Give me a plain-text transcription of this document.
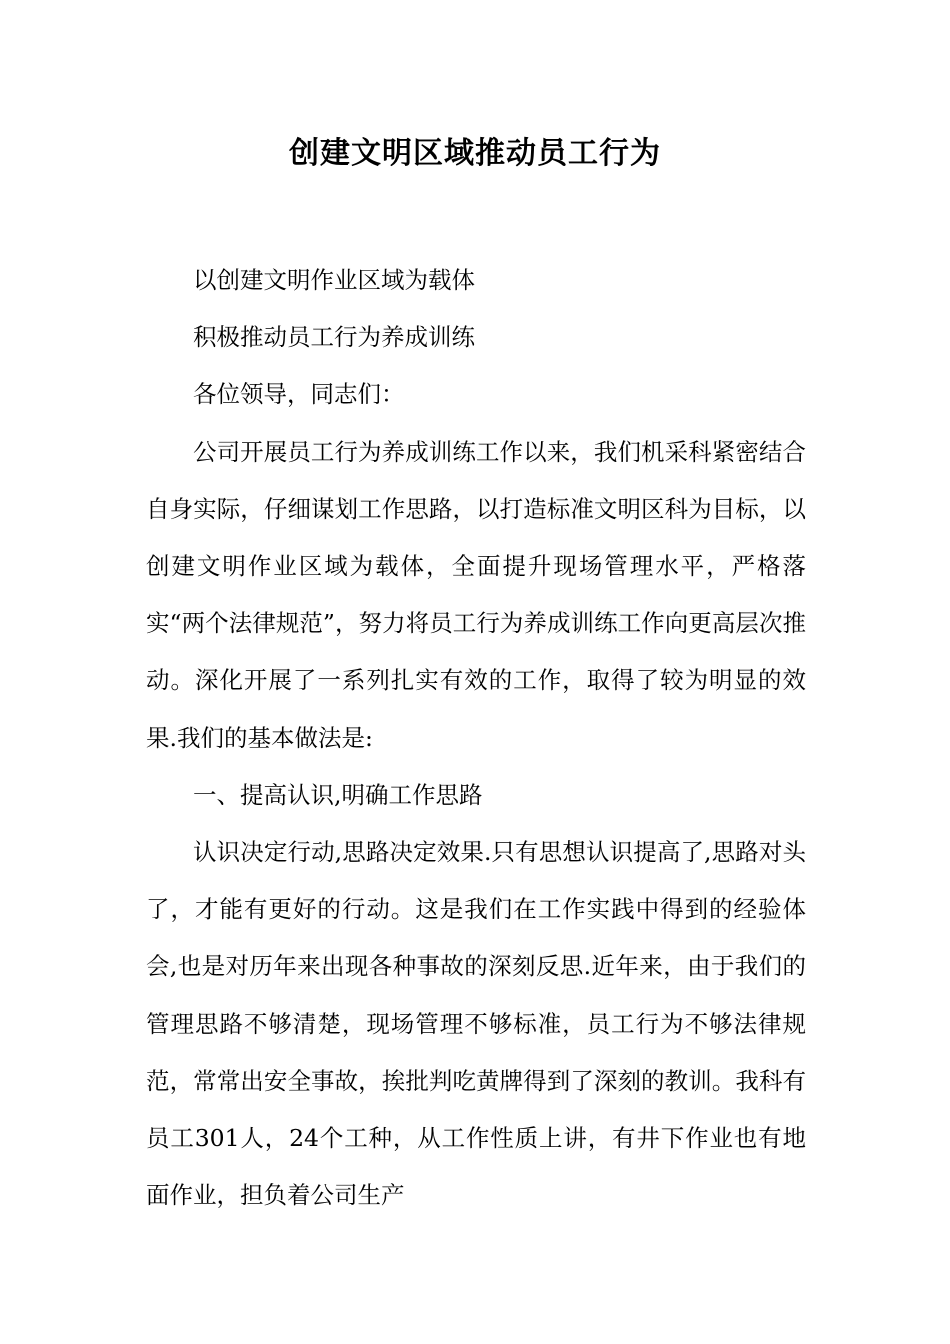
创建文明区域推动员工行为

以创建文明作业区域为载体

积极推动员工行为养成训练

各位领导，同志们：

公司开展员工行为养成训练工作以来，我们机采科紧密结合自身实际，仔细谋划工作思路，以打造标准文明区科为目标，以创建文明作业区域为载体，全面提升现场管理水平，严格落实“两个法律规范”，努力将员工行为养成训练工作向更高层次推动。深化开展了一系列扎实有效的工作，取得了较为明显的效果.我们的基本做法是:

一、提高认识,明确工作思路

认识决定行动,思路决定效果.只有思想认识提高了,思路对头了，才能有更好的行动。这是我们在工作实践中得到的经验体会,也是对历年来出现各种事故的深刻反思.近年来，由于我们的管理思路不够清楚，现场管理不够标准，员工行为不够法律规范，常常出安全事故，挨批判吃黄牌得到了深刻的教训。我科有员工301人，24个工种，从工作性质上讲，有井下作业也有地面作业，担负着公司生产
